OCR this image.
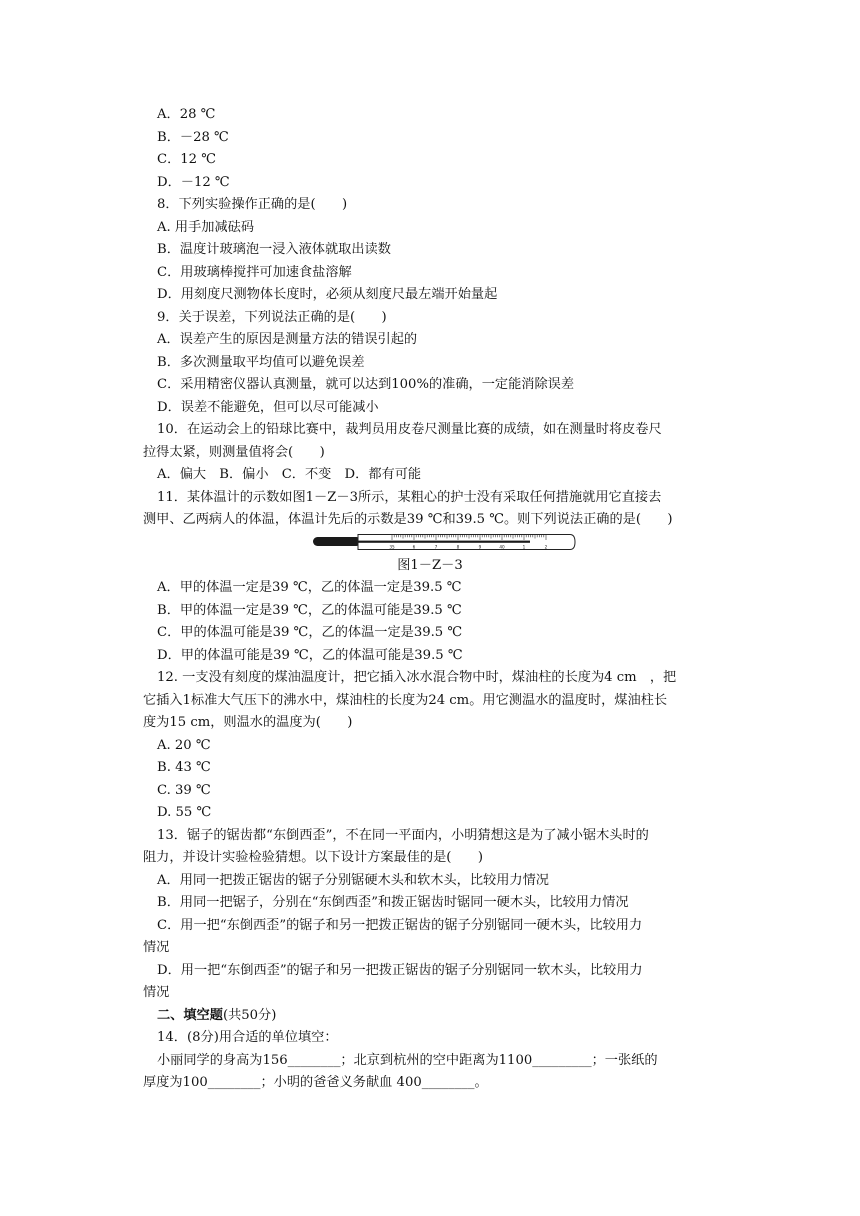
A．28 ℃
B．－28 ℃
C．12 ℃
D．－12 ℃
8．下列实验操作正确的是(　　)
A. 用手加减砝码
B．温度计玻璃泡一浸入液体就取出读数
C．用玻璃棒搅拌可加速食盐溶解
D．用刻度尺测物体长度时，必须从刻度尺最左端开始量起
9．关于误差，下列说法正确的是(　　)
A．误差产生的原因是测量方法的错误引起的
B．多次测量取平均值可以避免误差
C．采用精密仪器认真测量，就可以达到100%的准确，一定能消除误差
D．误差不能避免，但可以尽可能减小
10．在运动会上的铅球比赛中，裁判员用皮卷尺测量比赛的成绩，如在测量时将皮卷尺
拉得太紧，则测量值将会(　　)
A．偏大　B．偏小　C．不变　D．都有可能
11．某体温计的示数如图1－Z－3所示，某粗心的护士没有采取任何措施就用它直接去
测甲、乙两病人的体温，体温计先后的示数是39 ℃和39.5 ℃。则下列说法正确的是(　　)
35	6	7	8	9	40	1	2
图1－Z－3
A．甲的体温一定是39 ℃，乙的体温一定是39.5 ℃
B．甲的体温一定是39 ℃，乙的体温可能是39.5 ℃
C．甲的体温可能是39 ℃，乙的体温一定是39.5 ℃
D．甲的体温可能是39 ℃，乙的体温可能是39.5 ℃
12. 一支没有刻度的煤油温度计，把它插入冰水混合物中时，煤油柱的长度为4 cm　，把
它插入1标准大气压下的沸水中，煤油柱的长度为24 cm。用它测温水的温度时，煤油柱长
度为15 cm，则温水的温度为(　　)
A. 20 ℃
B. 43 ℃
C. 39 ℃
D. 55 ℃
13．锯子的锯齿都“东倒西歪”，不在同一平面内，小明猜想这是为了减小锯木头时的
阻力，并设计实验检验猜想。以下设计方案最佳的是(　　)
A．用同一把拨正锯齿的锯子分别锯硬木头和软木头，比较用力情况
B．用同一把锯子，分别在“东倒西歪”和拨正锯齿时锯同一硬木头，比较用力情况
C．用一把“东倒西歪”的锯子和另一把拨正锯齿的锯子分别锯同一硬木头，比较用力
情况
D．用一把“东倒西歪”的锯子和另一把拨正锯齿的锯子分别锯同一软木头，比较用力
情况
二、填空题(共50分)
14．(8分)用合适的单位填空：
小丽同学的身高为156________；北京到杭州的空中距离为1100_________；一张纸的
厚度为100________；小明的爸爸义务献血 400________。
